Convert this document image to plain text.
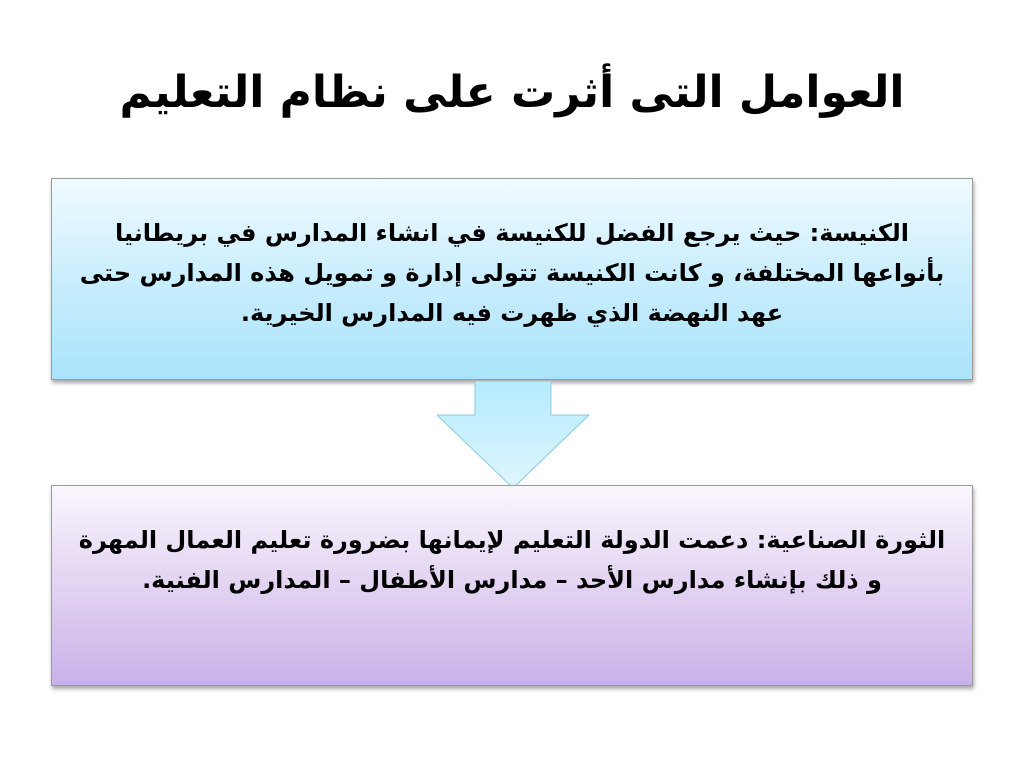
العوامل التى أثرت على نظام التعليم

الكنيسة: حيث يرجع الفضل للكنيسة في انشاء المدارس في بريطانيا بأنواعها المختلفة، و كانت الكنيسة تتولى إدارة و تمويل هذه المدارس حتى عهد النهضة الذي ظهرت فيه المدارس الخيرية.

الثورة الصناعية: دعمت الدولة التعليم لإيمانها بضرورة تعليم العمال المهرة و ذلك بإنشاء مدارس الأحد – مدارس الأطفال – المدارس الفنية.
